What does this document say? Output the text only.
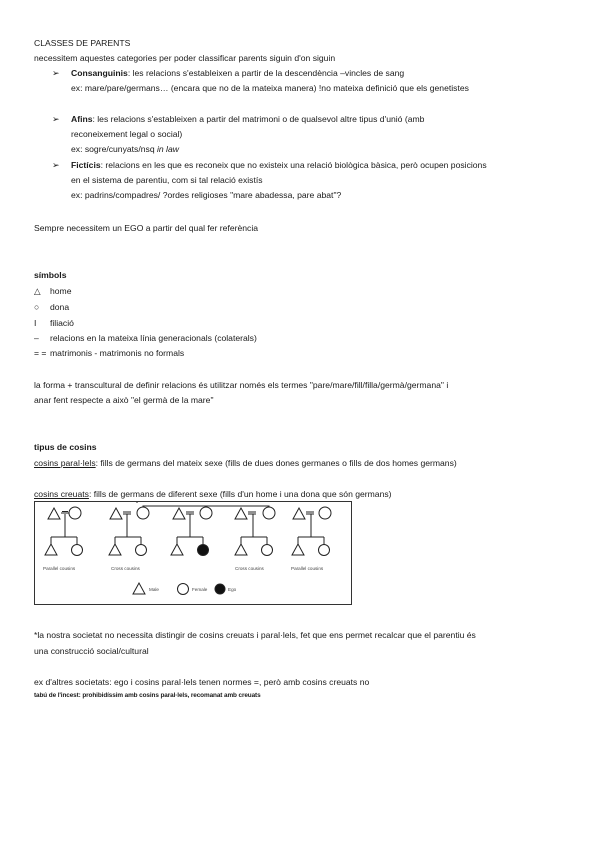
CLASSES DE PARENTS
necessitem aquestes categories per poder classificar parents siguin d'on siguin
➢ Consanguinis: les relacions s'estableixen a partir de la descendència –vincles de sang
ex: mare/pare/germans… (encara que no de la mateixa manera) !no mateixa definició que els genetistes
➢ Afins: les relacions s'estableixen a partir del matrimoni o de qualsevol altre tipus d'unió (amb
reconeixement legal o social)
ex: sogre/cunyats/nsq in law
➢ Fictícis: relacions en les que es reconeix que no existeix una relació biològica bàsica, però ocupen posicions
en el sistema de parentiu, com si tal relació existís
ex: padrins/compadres/ ?ordes religioses "mare abadessa, pare abat"?
Sempre necessitem un EGO a partir del qual fer referència
símbols
△ home
○ dona
I filiació
– relacions en la mateixa línia generacionals (colaterals)
= = matrimonis - matrimonis no formals
la forma + transcultural de definir relacions és utilitzar només els termes "pare/mare/fill/filla/germà/germana" i
anar fent respecte a això "el germà de la mare"
tipus de cosins
cosins paral·lels: fills de germans del mateix sexe (fills de dues dones germanes o fills de dos homes germans)
cosins creuats: fills de germans de diferent sexe (fills d'un home i una dona que són germans)
Parallel cousins	Cross cousins	Cross cousins	Parallel cousins
Male	Female	Ego
*la nostra societat no necessita distingir de cosins creuats i paral·lels, fet que ens permet recalcar que el parentiu és
una construcció social/cultural
ex d'altres societats: ego i cosins paral·lels tenen normes =, però amb cosins creuats no
tabú de l'incest: prohibidíssim amb cosins paral·lels, recomanat amb creuats
